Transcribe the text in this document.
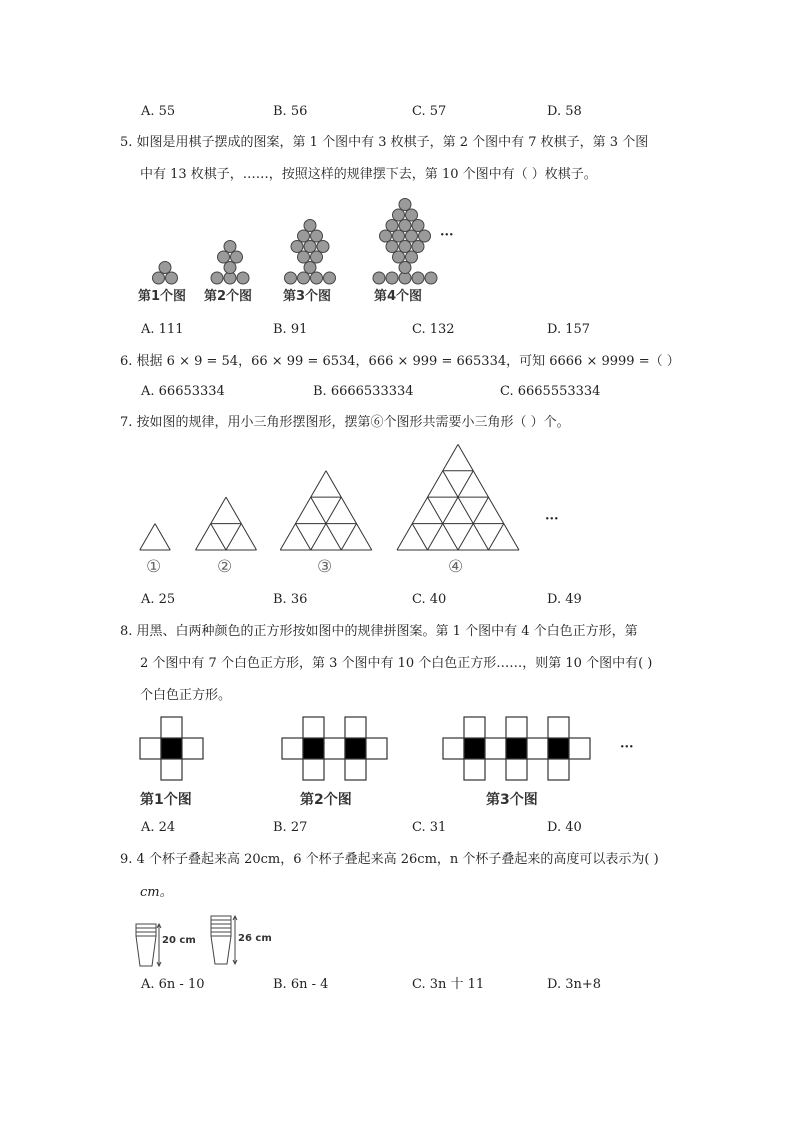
A. 55	B. 56	C. 57	D. 58
5. 如图是用棋子摆成的图案，第 1 个图中有 3 枚棋子，第 2 个图中有 7 枚棋子，第 3 个图
中有 13 枚棋子，……，按照这样的规律摆下去，第 10 个图中有（ ）枚棋子。
第1个图 第2个图 第3个图	第4个图
···
A. 111	B. 91	C. 132	D. 157
6. 根据 6 × 9 = 54，66 × 99 = 6534，666 × 999 = 665334，可知 6666 × 9999 =（ ）
A. 66653334	B. 6666533334	C. 6665553334
7. 按如图的规律，用小三角形摆图形，摆第⑥个图形共需要小三角形（ ）个。
①	②	③	④
···
A. 25	B. 36	C. 40	D. 49
8. 用黑、白两种颜色的正方形按如图中的规律拼图案。第 1 个图中有 4 个白色正方形，第
2 个图中有 7 个白色正方形，第 3 个图中有 10 个白色正方形……，则第 10 个图中有( )
个白色正方形。
第1个图	第2个图	第3个图
···
A. 24	B. 27	C. 31	D. 40
9. 4 个杯子叠起来高 20cm，6 个杯子叠起来高 26cm，n 个杯子叠起来的高度可以表示为( )
cm。
20 cm	26 cm
A. 6n - 10	B. 6n - 4	C. 3n 十 11	D. 3n+8
